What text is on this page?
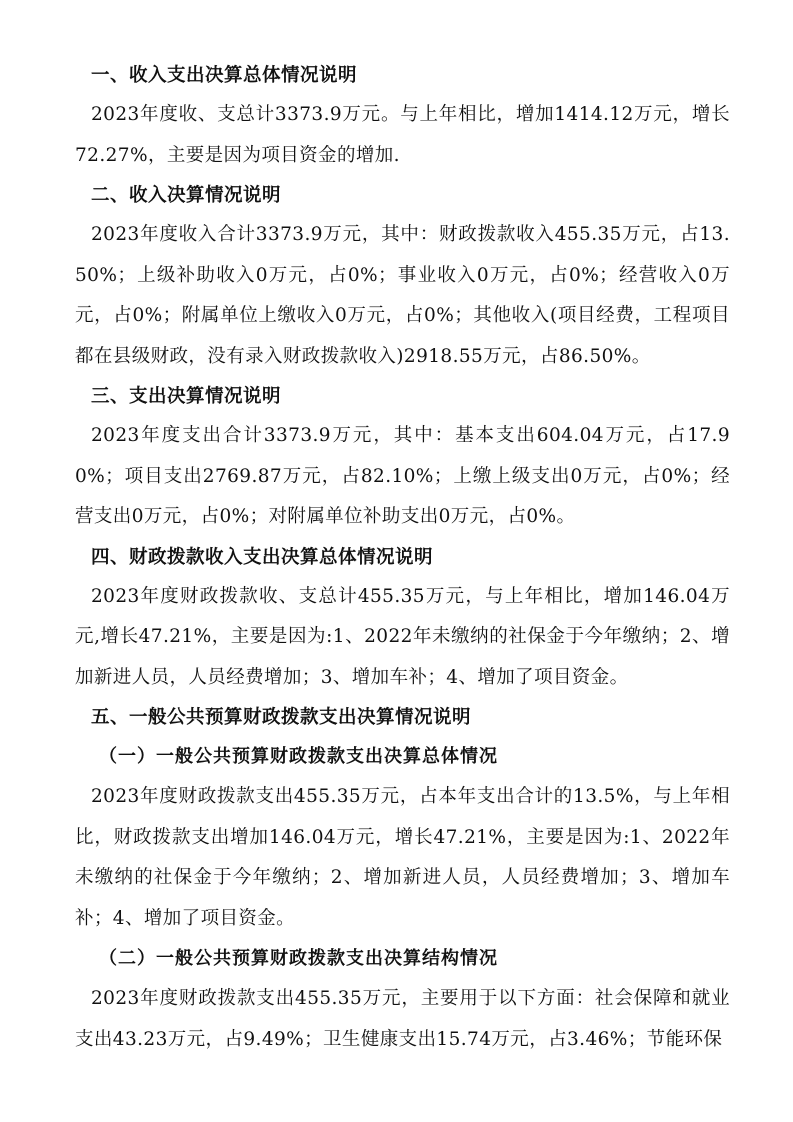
一、收入支出决算总体情况说明

2023年度收、支总计3373.9万元。与上年相比，增加1414.12万元，增长72.27%，主要是因为项目资金的增加.

二、收入决算情况说明

2023年度收入合计3373.9万元，其中：财政拨款收入455.35万元，占13.50%；上级补助收入0万元，占0%；事业收入0万元，占0%；经营收入0万元，占0%；附属单位上缴收入0万元，占0%；其他收入(项目经费，工程项目都在县级财政，没有录入财政拨款收入)2918.55万元，占86.50%。

三、支出决算情况说明

2023年度支出合计3373.9万元，其中：基本支出604.04万元，占17.90%；项目支出2769.87万元，占82.10%；上缴上级支出0万元，占0%；经营支出0万元，占0%；对附属单位补助支出0万元，占0%。

四、财政拨款收入支出决算总体情况说明

2023年度财政拨款收、支总计455.35万元，与上年相比，增加146.04万元,增长47.21%，主要是因为:1、2022年未缴纳的社保金于今年缴纳；2、增加新进人员，人员经费增加；3、增加车补；4、增加了项目资金。

五、一般公共预算财政拨款支出决算情况说明
（一）一般公共预算财政拨款支出决算总体情况

2023年度财政拨款支出455.35万元，占本年支出合计的13.5%，与上年相比，财政拨款支出增加146.04万元，增长47.21%，主要是因为:1、2022年未缴纳的社保金于今年缴纳；2、增加新进人员，人员经费增加；3、增加车补；4、增加了项目资金。

（二）一般公共预算财政拨款支出决算结构情况

2023年度财政拨款支出455.35万元，主要用于以下方面：社会保障和就业支出43.23万元，占9.49%；卫生健康支出15.74万元，占3.46%；节能环保
